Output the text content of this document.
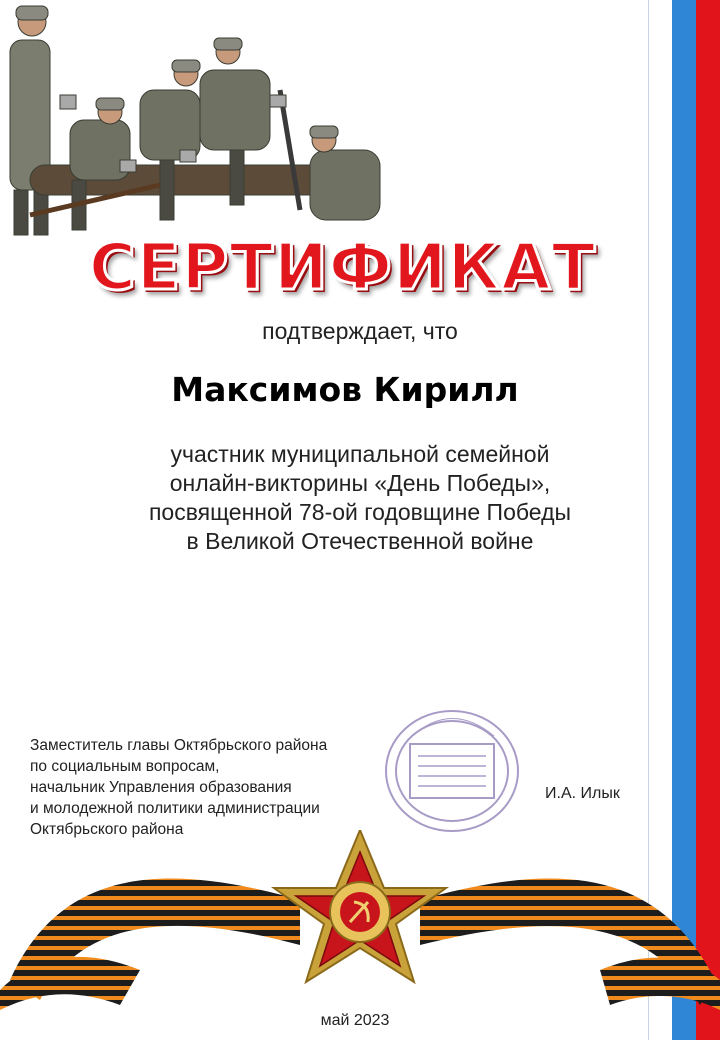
СЕРТИФИКАТ
подтверждает, что
Максимов Кирилл
участник муниципальной семейной
онлайн-викторины «День Победы»,
посвященной 78-ой годовщине Победы
в Великой Отечественной войне
Заместитель главы Октябрьского района
по социальным вопросам,
начальник Управления образования
и молодежной политики администрации
Октябрьского района
И.А. Илык
май 2023
